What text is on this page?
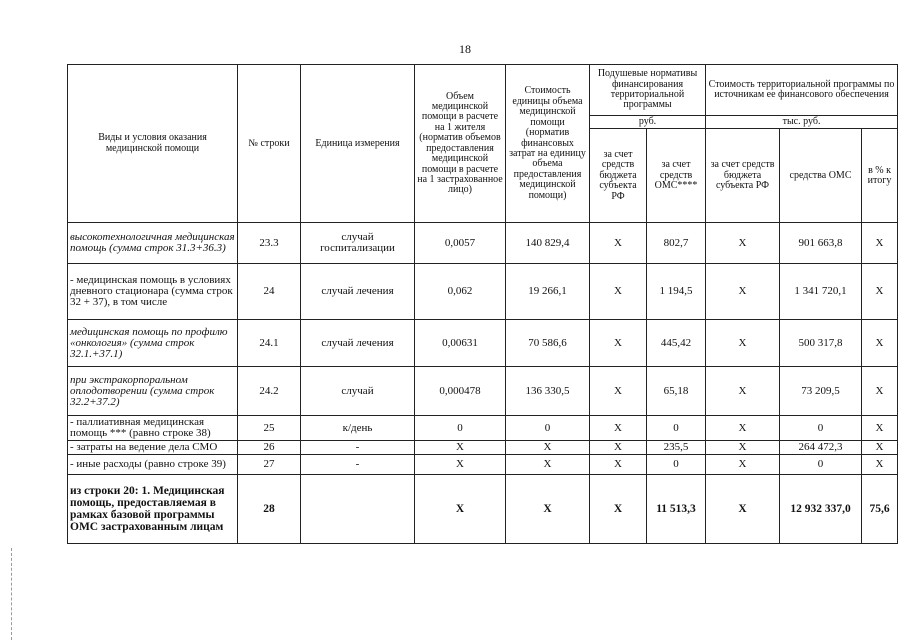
18
Виды и условия оказания медицинской помощи	№ строки	Единица измерения	Объем медицинской помощи в расчете на 1 жителя (норматив объемов предоставления медицинской помощи в расчете на 1 застрахованное лицо)	Стоимость единицы объема медицинской помощи (норматив финансовых затрат на единицу объема предоставления медицинской помощи)	Подушевые нормативы финансирования территориальной программы		Стоимость территориальной программы по источникам ее финансового обеспечения		
					руб.		тыс. руб.		
					за счет средств бюджета субъекта РФ	за счет средств ОМС****	за счет средств бюджета субъекта РФ	средства ОМС	в % к итогу
высокотехнологичная медицинская помощь (сумма строк 31.3+36.3)	23.3	случай госпитализации	0,0057	140 829,4	Х	802,7	Х	901 663,8	Х
- медицинская помощь в условиях дневного стационара (сумма строк 32 + 37), в том числе	24	случай лечения	0,062	19 266,1	Х	1 194,5	Х	1 341 720,1	Х
медицинская помощь по профилю «онкология» (сумма строк 32.1.+37.1)	24.1	случай лечения	0,00631	70 586,6	Х	445,42	Х	500 317,8	Х
при экстракорпоральном оплодотворении (сумма строк 32.2+37.2)	24.2	случай	0,000478	136 330,5	Х	65,18	Х	73 209,5	Х
- паллиативная медицинская помощь *** (равно строке 38)	25	к/день	0	0	Х	0	Х	0	Х
- затраты на ведение дела СМО	26	-	Х	Х	Х	235,5	Х	264 472,3	Х
- иные расходы (равно строке 39)	27	-	Х	Х	Х	0	Х	0	Х
из строки 20: 1. Медицинская помощь, предоставляемая в рамках базовой программы ОМС застрахованным лицам	28		Х	Х	Х	11 513,3	Х	12 932 337,0	75,6
